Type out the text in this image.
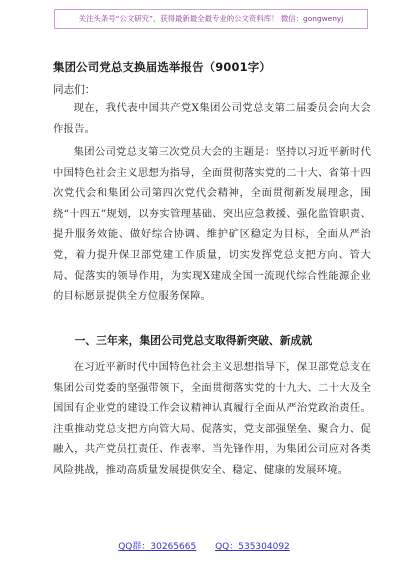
关注头条号“公文研究”，获得最新最全最专业的公文资料库！ 微信：gongwenyj
集团公司党总支换届选举报告（9001字）
同志们：

现在，我代表中国共产党X集团公司党总支第二届委员会向大会作报告。

集团公司党总支第三次党员大会的主题是：坚持以习近平新时代中国特色社会主义思想为指导，全面贯彻落实党的二十大、省第十四次党代会和集团公司第四次党代会精神，全面贯彻新发展理念，围绕“十四五”规划，以夯实管理基础、突出应急救援、强化监管职责、提升服务效能、做好综合协调、维护矿区稳定为目标，全面从严治党，着力提升保卫部党建工作质量，切实发挥党总支把方向、管大局、促落实的领导作用，为实现X建成全国一流现代综合性能源企业的目标愿景提供全方位服务保障。

一、三年来，集团公司党总支取得新突破、新成就

在习近平新时代中国特色社会主义思想指导下，保卫部党总支在集团公司党委的坚强带领下，全面贯彻落实党的十九大、二十大及全国国有企业党的建设工作会议精神认真履行全面从严治党政治责任。注重推动党总支把方向管大局、促落实，党支部强堡垒、聚合力、促融入，共产党员扛责任、作表率、当先锋作用，为集团公司应对各类风险挑战，推动高质量发展提供安全、稳定、健康的发展环境。

QQ群：30265665 QQ：535304092
